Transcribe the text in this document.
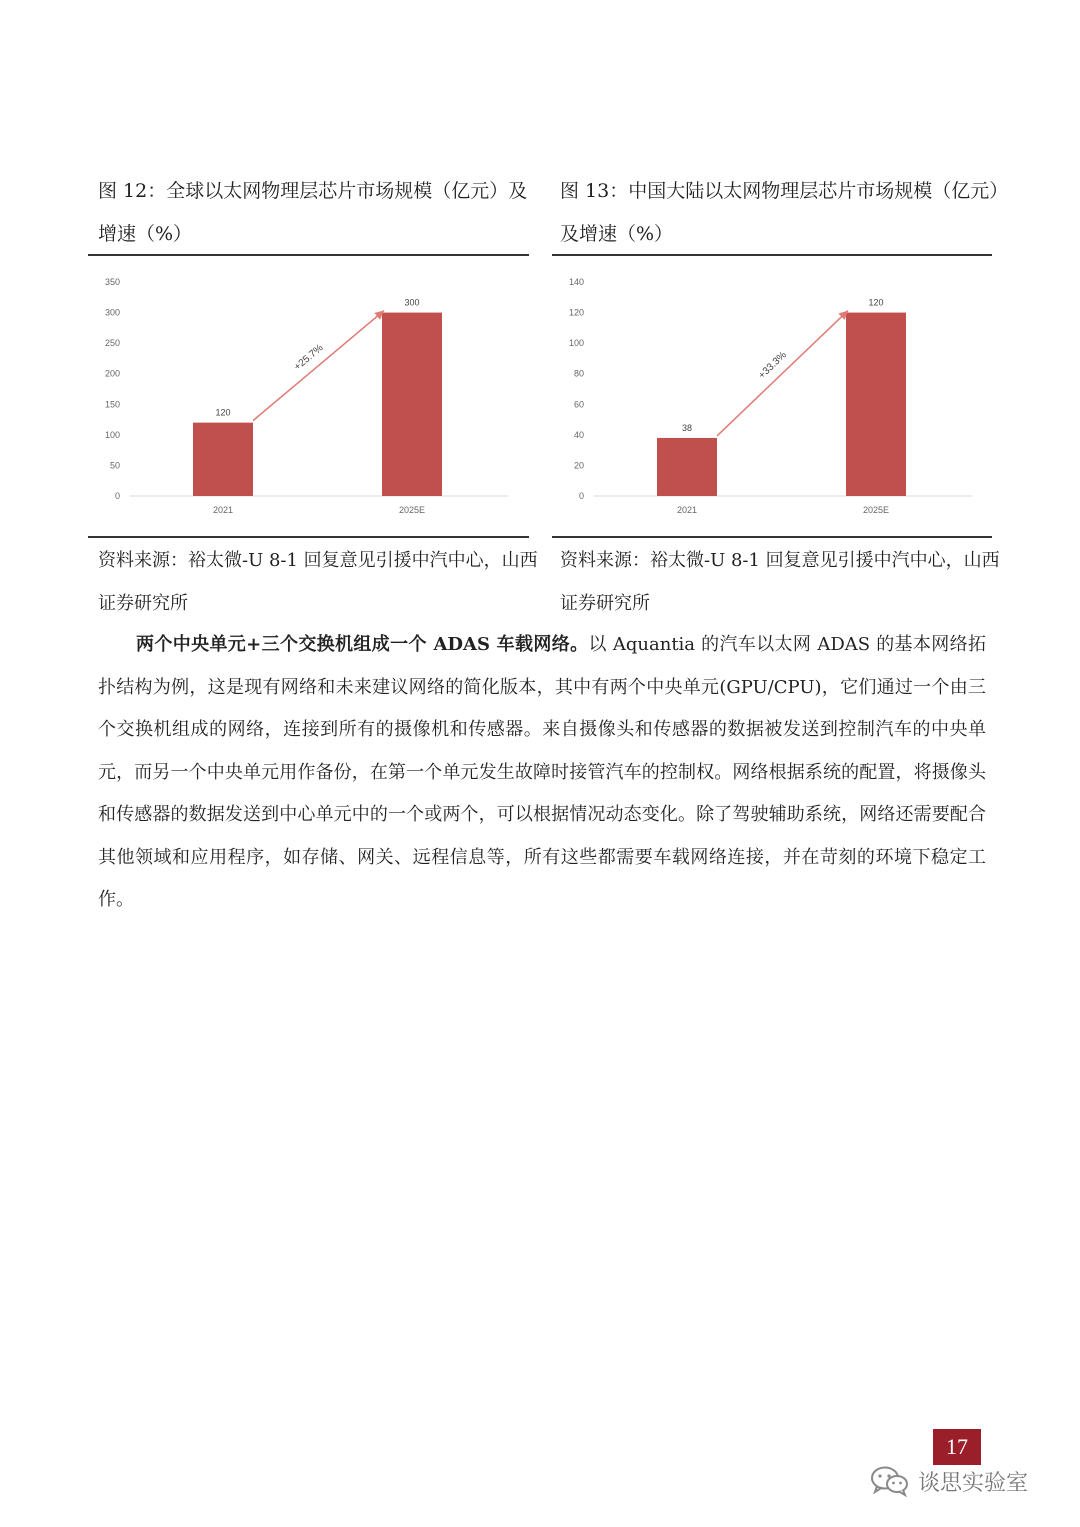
图 12：全球以太网物理层芯片市场规模（亿元）及增速（%）
图 13：中国大陆以太网物理层芯片市场规模（亿元）及增速（%）
0
50
100
150
200
250
300
350
120
2021
300
2025E
+25.7%
0
20
40
60
80
100
120
140
38
2021
120
2025E
+33.3%
资料来源：裕太微-U 8-1 回复意见引援中汽中心，山西证券研究所
资料来源：裕太微-U 8-1 回复意见引援中汽中心，山西证券研究所

两个中央单元+三个交换机组成一个 ADAS 车载网络。以 Aquantia 的汽车以太网 ADAS 的基本网络拓扑结构为例，这是现有网络和未来建议网络的简化版本，其中有两个中央单元(GPU/CPU)，它们通过一个由三个交换机组成的网络，连接到所有的摄像机和传感器。来自摄像头和传感器的数据被发送到控制汽车的中央单元，而另一个中央单元用作备份，在第一个单元发生故障时接管汽车的控制权。网络根据系统的配置，将摄像头和传感器的数据发送到中心单元中的一个或两个，可以根据情况动态变化。除了驾驶辅助系统，网络还需要配合其他领域和应用程序，如存储、网关、远程信息等，所有这些都需要车载网络连接，并在苛刻的环境下稳定工作。

17
谈思实验室
